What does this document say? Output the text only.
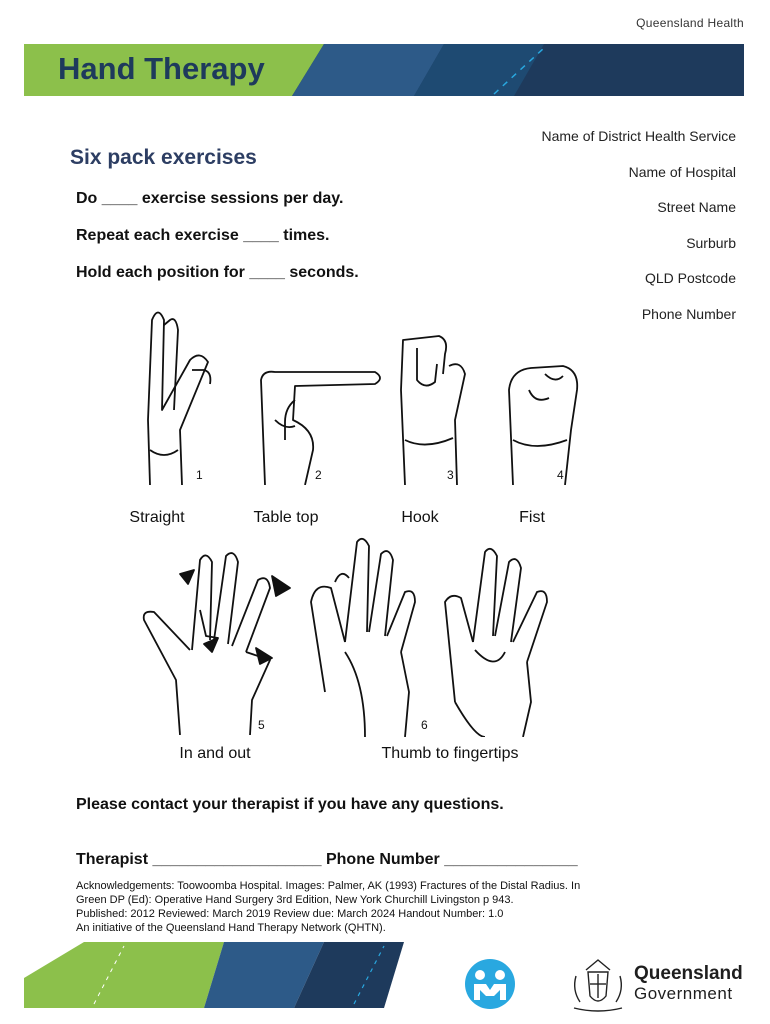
Queensland Health
Hand Therapy
Six pack exercises
Do ____ exercise sessions per day.
Repeat each exercise ____ times.
Hold each position for ____ seconds.
Name of District Health Service
Name of Hospital
Street Name
Surburb
QLD Postcode
Phone Number
1	2	3	4
Straight	Table top	Hook	Fist
5	6
In and out	Thumb to fingertips
Please contact your therapist if you have any questions.
Therapist ___________________ Phone Number _______________
Acknowledgements: Toowoomba Hospital. Images: Palmer, AK (1993) Fractures of the Distal Radius. In
Green DP (Ed): Operative Hand Surgery 3rd Edition, New York Churchill Livingston p 943.
Published: 2012 Reviewed: March 2019 Review due: March 2024 Handout Number: 1.0
An initiative of the Queensland Hand Therapy Network (QHTN).
Queensland
Government
